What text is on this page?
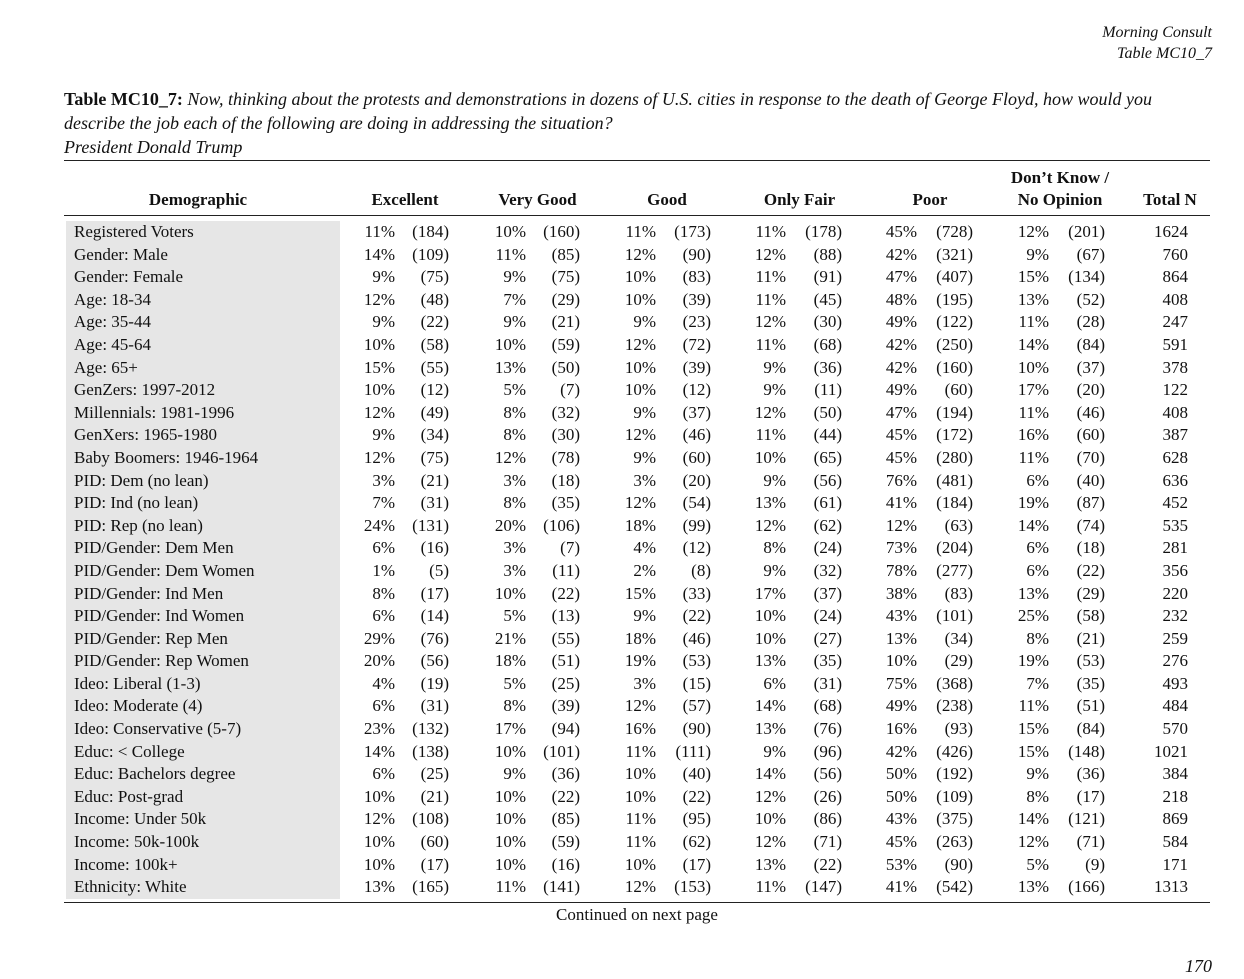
Morning Consult
Table MC10_7
Table MC10_7: Now, thinking about the protests and demonstrations in dozens of U.S. cities in response to the death of George Floyd, how would you describe the job each of the following are doing in addressing the situation?
President Donald Trump
Demographic	Excellent	Very Good	Good	Only Fair	Poor
Don’t Know /
No Opinion	Total N
Registered Voters	11% (184)	10% (160)	11% (173)	11% (178)	45% (728)	12% (201)	1624
Gender: Male	14% (109)	11% (85)	12% (90)	12% (88)	42% (321)	9% (67)	760
Gender: Female	9% (75)	9% (75)	10% (83)	11% (91)	47% (407)	15% (134)	864
Age: 18-34	12% (48)	7% (29)	10% (39)	11% (45)	48% (195)	13% (52)	408
Age: 35-44	9% (22)	9% (21)	9% (23)	12% (30)	49% (122)	11% (28)	247
Age: 45-64	10% (58)	10% (59)	12% (72)	11% (68)	42% (250)	14% (84)	591
Age: 65+	15% (55)	13% (50)	10% (39)	9% (36)	42% (160)	10% (37)	378
GenZers: 1997-2012	10% (12)	5% (7)	10% (12)	9% (11)	49% (60)	17% (20)	122
Millennials: 1981-1996	12% (49)	8% (32)	9% (37)	12% (50)	47% (194)	11% (46)	408
GenXers: 1965-1980	9% (34)	8% (30)	12% (46)	11% (44)	45% (172)	16% (60)	387
Baby Boomers: 1946-1964	12% (75)	12% (78)	9% (60)	10% (65)	45% (280)	11% (70)	628
PID: Dem (no lean)	3% (21)	3% (18)	3% (20)	9% (56)	76% (481)	6% (40)	636
PID: Ind (no lean)	7% (31)	8% (35)	12% (54)	13% (61)	41% (184)	19% (87)	452
PID: Rep (no lean)	24% (131)	20% (106)	18% (99)	12% (62)	12% (63)	14% (74)	535
PID/Gender: Dem Men	6% (16)	3% (7)	4% (12)	8% (24)	73% (204)	6% (18)	281
PID/Gender: Dem Women	1% (5)	3% (11)	2% (8)	9% (32)	78% (277)	6% (22)	356
PID/Gender: Ind Men	8% (17)	10% (22)	15% (33)	17% (37)	38% (83)	13% (29)	220
PID/Gender: Ind Women	6% (14)	5% (13)	9% (22)	10% (24)	43% (101)	25% (58)	232
PID/Gender: Rep Men	29% (76)	21% (55)	18% (46)	10% (27)	13% (34)	8% (21)	259
PID/Gender: Rep Women	20% (56)	18% (51)	19% (53)	13% (35)	10% (29)	19% (53)	276
Ideo: Liberal (1-3)	4% (19)	5% (25)	3% (15)	6% (31)	75% (368)	7% (35)	493
Ideo: Moderate (4)	6% (31)	8% (39)	12% (57)	14% (68)	49% (238)	11% (51)	484
Ideo: Conservative (5-7)	23% (132)	17% (94)	16% (90)	13% (76)	16% (93)	15% (84)	570
Educ: < College	14% (138)	10% (101)	11% (111)	9% (96)	42% (426)	15% (148)	1021
Educ: Bachelors degree	6% (25)	9% (36)	10% (40)	14% (56)	50% (192)	9% (36)	384
Educ: Post-grad	10% (21)	10% (22)	10% (22)	12% (26)	50% (109)	8% (17)	218
Income: Under 50k	12% (108)	10% (85)	11% (95)	10% (86)	43% (375)	14% (121)	869
Income: 50k-100k	10% (60)	10% (59)	11% (62)	12% (71)	45% (263)	12% (71)	584
Income: 100k+	10% (17)	10% (16)	10% (17)	13% (22)	53% (90)	5% (9)	171
Ethnicity: White	13% (165)	11% (141)	12% (153)	11% (147)	41% (542)	13% (166)	1313
Continued on next page
170
